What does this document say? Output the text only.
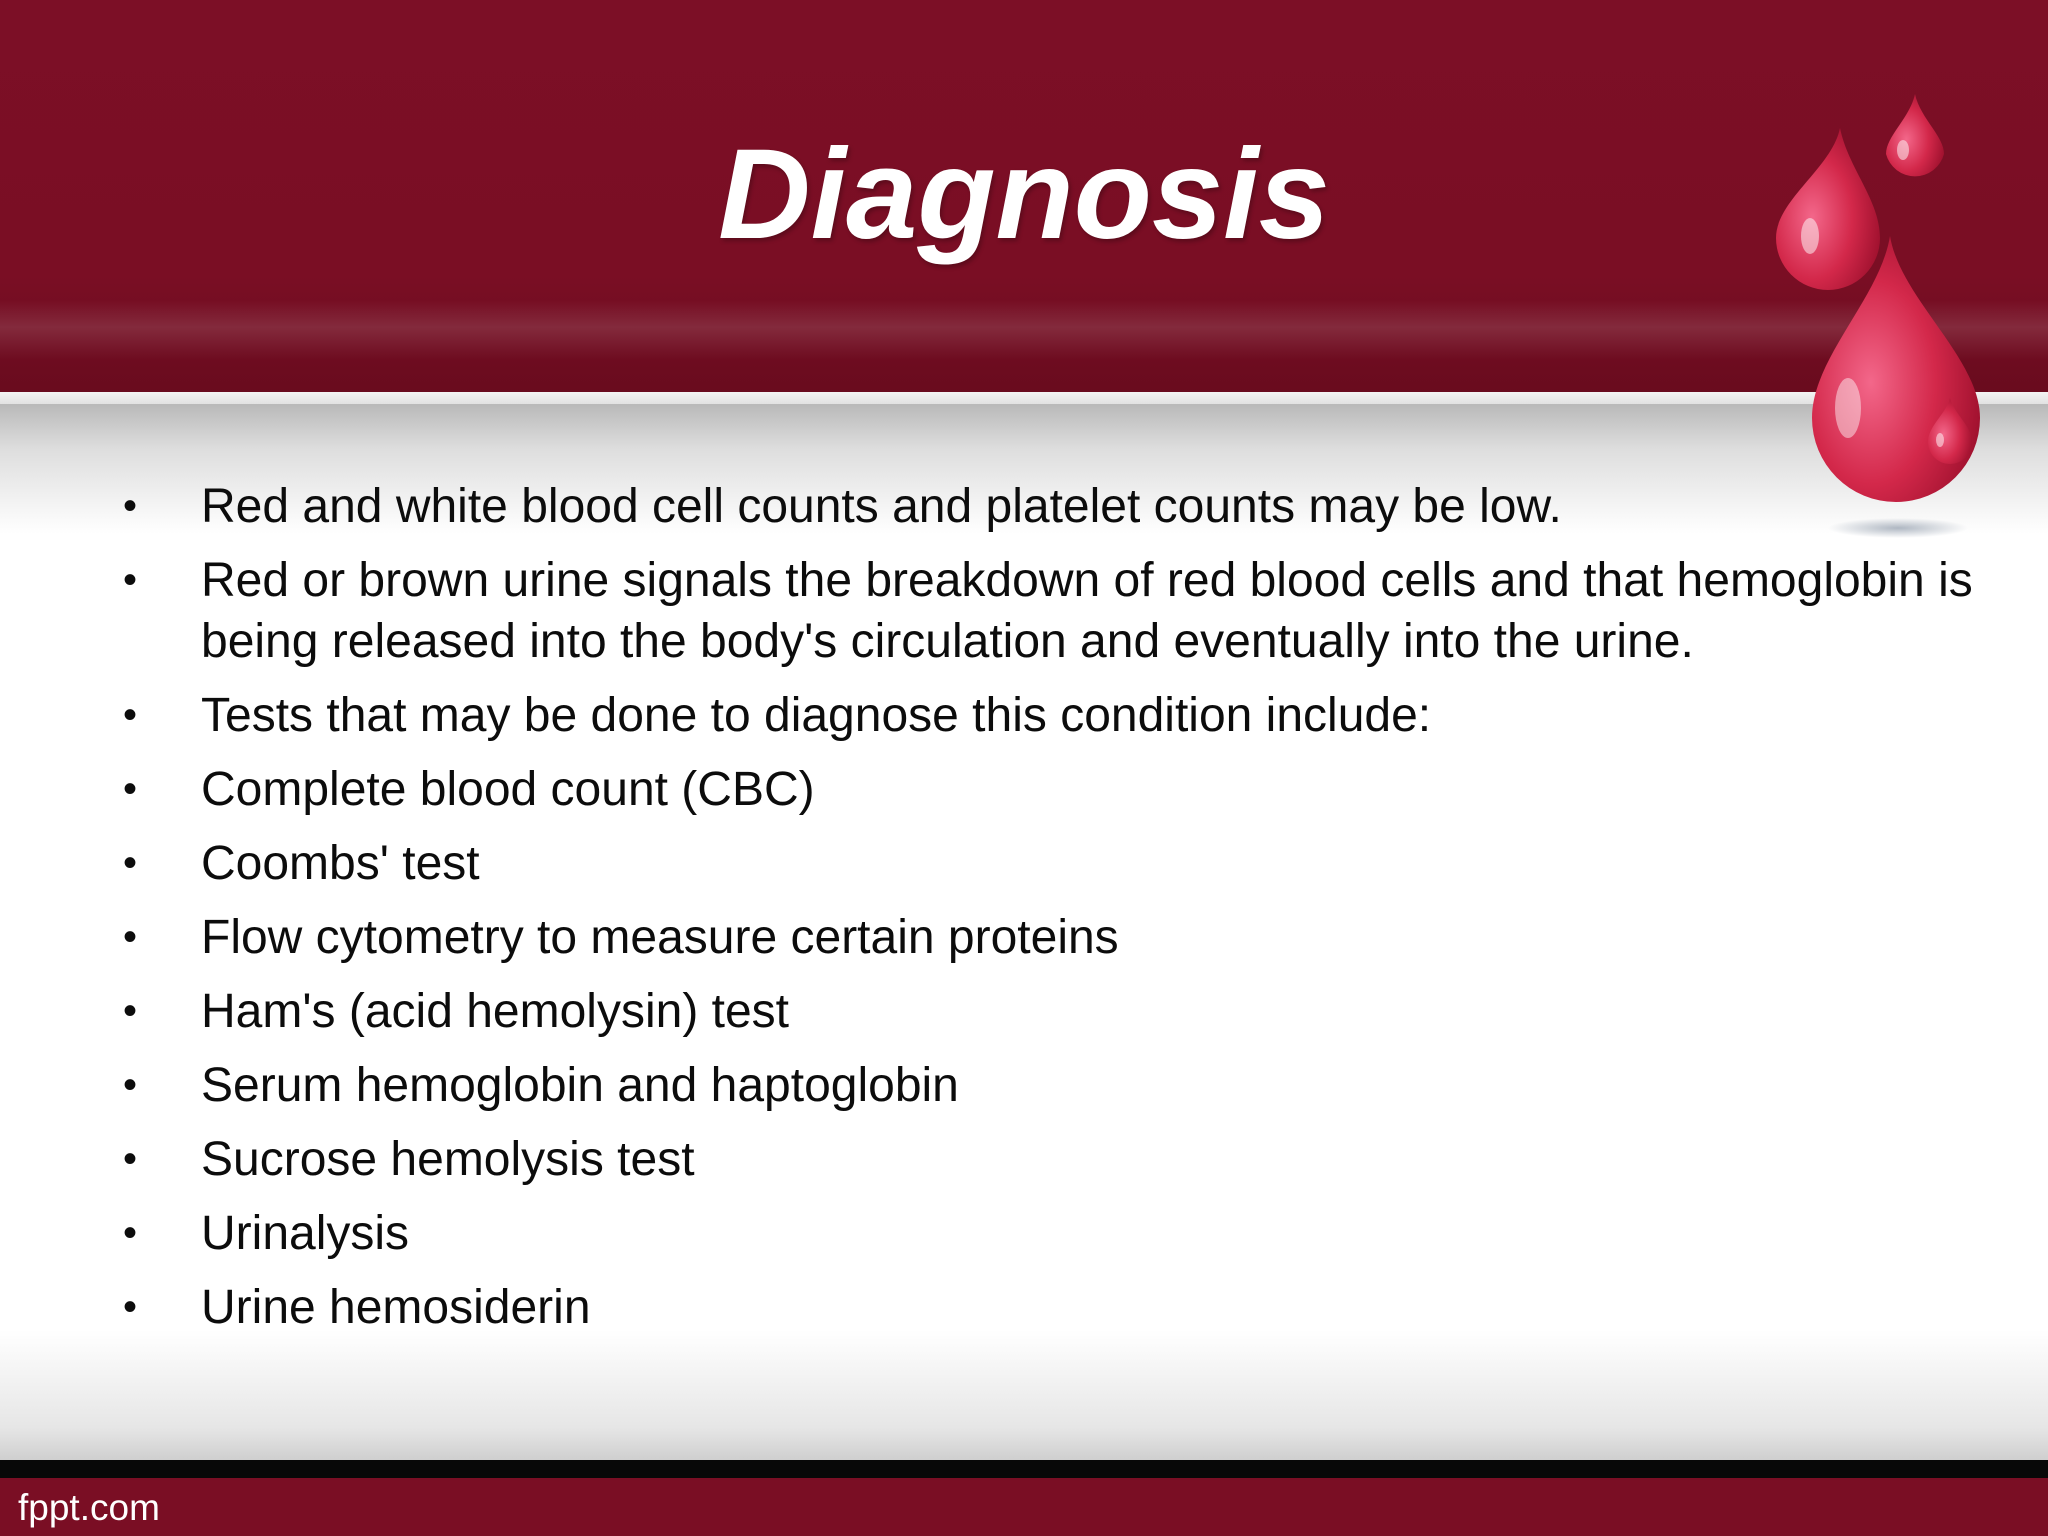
Diagnosis
• Red and white blood cell counts and platelet counts may be low.
• Red or brown urine signals the breakdown of red blood cells and that hemoglobin is being released into the body's circulation and eventually into the urine.
• Tests that may be done to diagnose this condition include:
• Complete blood count (CBC)
• Coombs' test
• Flow cytometry to measure certain proteins
• Ham's (acid hemolysin) test
• Serum hemoglobin and haptoglobin
• Sucrose hemolysis test
• Urinalysis
• Urine hemosiderin
fppt.com
